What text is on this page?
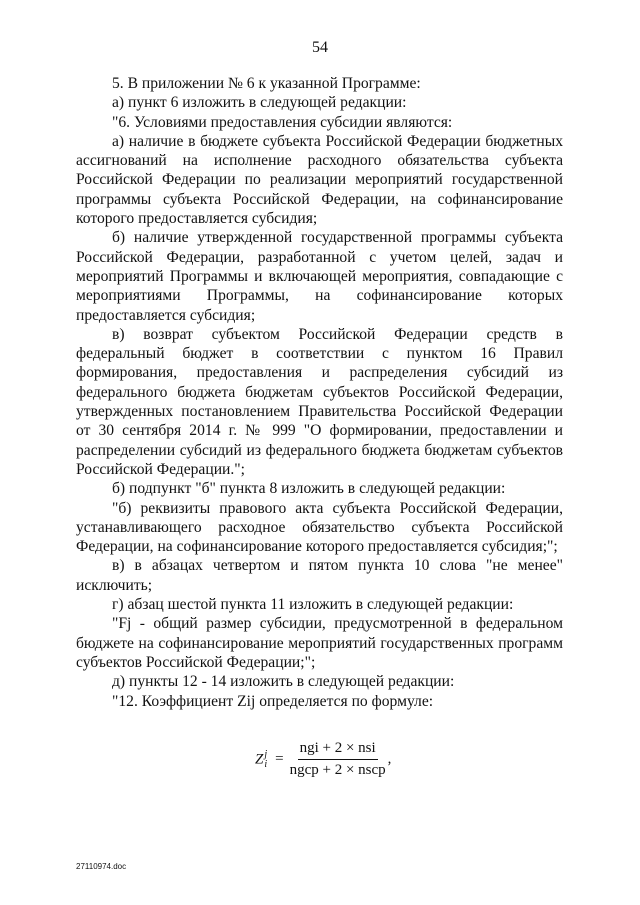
54

5. В приложении № 6 к указанной Программе:

а) пункт 6 изложить в следующей редакции:

"6. Условиями предоставления субсидии являются:

а) наличие в бюджете субъекта Российской Федерации бюджетных ассигнований на исполнение расходного обязательства субъекта Российской Федерации по реализации мероприятий государственной программы субъекта Российской Федерации, на софинансирование которого предоставляется субсидия;

б) наличие утвержденной государственной программы субъекта Российской Федерации, разработанной с учетом целей, задач и мероприятий Программы и включающей мероприятия, совпадающие с мероприятиями Программы, на софинансирование которых предоставляется субсидия;

в) возврат субъектом Российской Федерации средств в федеральный бюджет в соответствии с пунктом 16 Правил формирования, предоставления и распределения субсидий из федерального бюджета бюджетам субъектов Российской Федерации, утвержденных постановлением Правительства Российской Федерации от 30 сентября 2014 г. № 999 "О формировании, предоставлении и распределении субсидий из федерального бюджета бюджетам субъектов Российской Федерации.";

б) подпункт "б" пункта 8 изложить в следующей редакции:

"б) реквизиты правового акта субъекта Российской Федерации, устанавливающего расходное обязательство субъекта Российской Федерации, на софинансирование которого предоставляется субсидия;";

в) в абзацах четвертом и пятом пункта 10 слова "не менее" исключить;

г) абзац шестой пункта 11 изложить в следующей редакции:

"Fj - общий размер субсидии, предусмотренной в федеральном бюджете на софинансирование мероприятий государственных программ субъектов Российской Федерации;";

д) пункты 12 - 14 изложить в следующей редакции:

"12. Коэффициент Zij определяется по формуле:

Z j
$i = \frac{\text{ngi + 2 × nsi}}{\text{ngcp + 2 × nscp}}$ ,
27110974.doc
